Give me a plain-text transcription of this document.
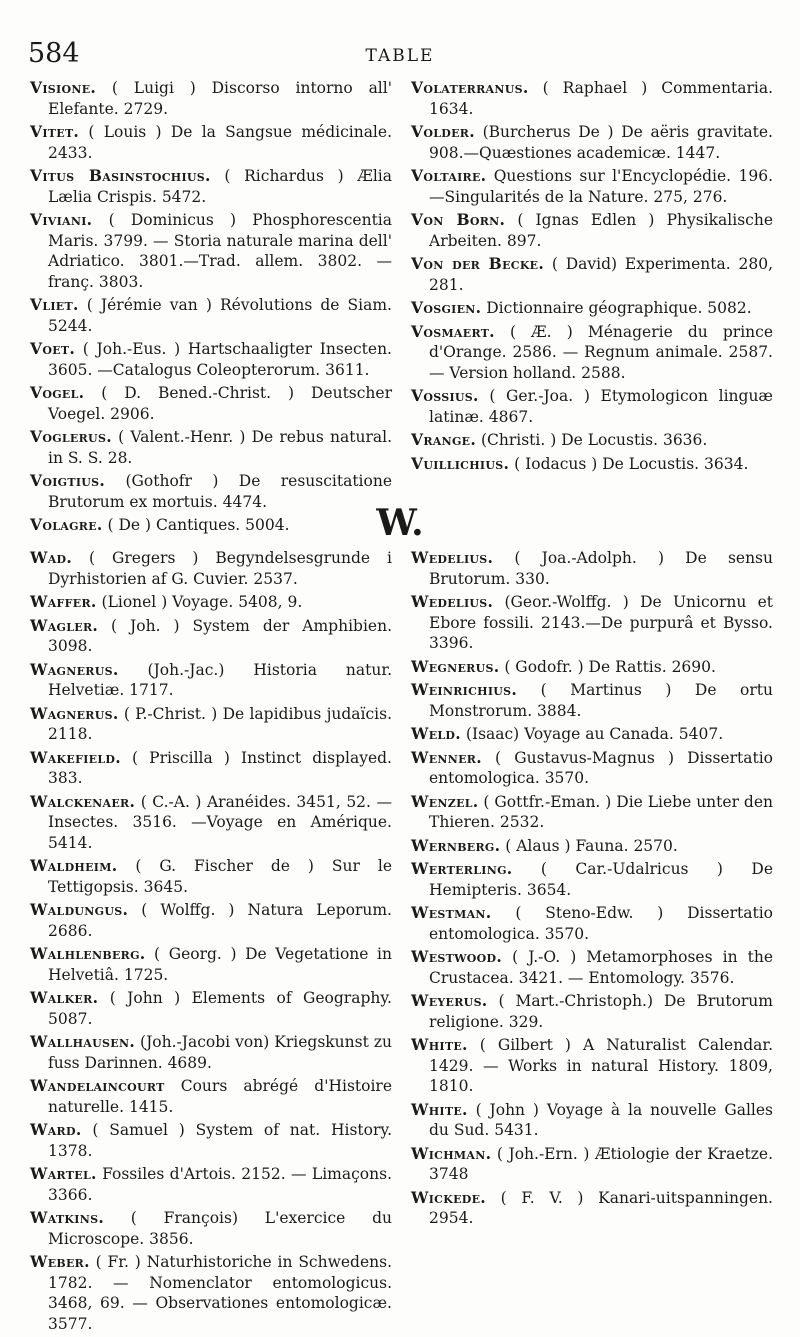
584	TABLE

Visione. ( Luigi ) Discorso intorno all' Elefante. 2729.

Vitet. ( Louis ) De la Sangsue médicinale. 2433.

Vitus Basinstochius. ( Richardus ) Ælia Lælia Crispis. 5472.

Viviani. ( Dominicus ) Phosphorescentia Maris. 3799. — Storia naturale marina dell' Adriatico. 3801.—Trad. allem. 3802. — franç. 3803.

Vliet. ( Jérémie van ) Révolutions de Siam. 5244.

Voet. ( Joh.-Eus. ) Hartschaaligter Insecten. 3605. —Catalogus Coleopterorum. 3611.

Vogel. ( D. Bened.-Christ. ) Deutscher Voegel. 2906.

Voglerus. ( Valent.-Henr. ) De rebus natural. in S. S. 28.

Voigtius. (Gothofr ) De resuscitatione Brutorum ex mortuis. 4474.

Volagre. ( De ) Cantiques. 5004.

Volaterranus. ( Raphael ) Commentaria. 1634.

Volder. (Burcherus De ) De aëris gravitate. 908.—Quæstiones academicæ. 1447.

Voltaire. Questions sur l'Encyclopédie. 196.—Singularités de la Nature. 275, 276.

Von Born. ( Ignas Edlen ) Physikalische Arbeiten. 897.

Von der Becke. ( David) Experimenta. 280, 281.

Vosgien. Dictionnaire géographique. 5082.

Vosmaert. ( Æ. ) Ménagerie du prince d'Orange. 2586. — Regnum animale. 2587. — Version holland. 2588.

Vossius. ( Ger.-Joa. ) Etymologicon linguæ latinæ. 4867.

Vrange. (Christi. ) De Locustis. 3636.

Vuillichius. ( Iodacus ) De Locustis. 3634.

W.

Wad. ( Gregers ) Begyndelsesgrunde i Dyrhistorien af G. Cuvier. 2537.

Waffer. (Lionel ) Voyage. 5408, 9.

Wagler. ( Joh. ) System der Amphibien. 3098.

Wagnerus. (Joh.-Jac.) Historia natur. Helvetiæ. 1717.

Wagnerus. ( P.-Christ. ) De lapidibus judaïcis. 2118.

Wakefield. ( Priscilla ) Instinct displayed. 383.

Walckenaer. ( C.-A. ) Aranéides. 3451, 52. — Insectes. 3516. —Voyage en Amérique. 5414.

Waldheim. ( G. Fischer de ) Sur le Tettigopsis. 3645.

Waldungus. ( Wolffg. ) Natura Leporum. 2686.

Walhlenberg. ( Georg. ) De Vegetatione in Helvetiâ. 1725.

Walker. ( John ) Elements of Geography. 5087.

Wallhausen. (Joh.-Jacobi von) Kriegskunst zu fuss Darinnen. 4689.

Wandelaincourt Cours abrégé d'Histoire naturelle. 1415.

Ward. ( Samuel ) System of nat. History. 1378.

Wartel. Fossiles d'Artois. 2152. — Limaçons. 3366.

Watkins. ( François) L'exercice du Microscope. 3856.

Weber. ( Fr. ) Naturhistoriche in Schwedens. 1782. — Nomenclator entomologicus. 3468, 69. — Observationes entomologicæ. 3577.

Wedelius. ( Joa.-Adolph. ) De sensu Brutorum. 330.

Wedelius. (Geor.-Wolffg. ) De Unicornu et Ebore fossili. 2143.—De purpurâ et Bysso. 3396.

Wegnerus. ( Godofr. ) De Rattis. 2690.

Weinrichius. ( Martinus ) De ortu Monstrorum. 3884.

Weld. (Isaac) Voyage au Canada. 5407.

Wenner. ( Gustavus-Magnus ) Dissertatio entomologica. 3570.

Wenzel. ( Gottfr.-Eman. ) Die Liebe unter den Thieren. 2532.

Wernberg. ( Alaus ) Fauna. 2570.

Werterling. ( Car.-Udalricus ) De Hemipteris. 3654.

Westman. ( Steno-Edw. ) Dissertatio entomologica. 3570.

Westwood. ( J.-O. ) Metamorphoses in the Crustacea. 3421. — Entomology. 3576.

Weyerus. ( Mart.-Christoph.) De Brutorum religione. 329.

White. ( Gilbert ) A Naturalist Calendar. 1429. — Works in natural History. 1809, 1810.

White. ( John ) Voyage à la nouvelle Galles du Sud. 5431.

Wichman. ( Joh.-Ern. ) Ætiologie der Kraetze. 3748

Wickede. ( F. V. ) Kanari-uitspanningen. 2954.
